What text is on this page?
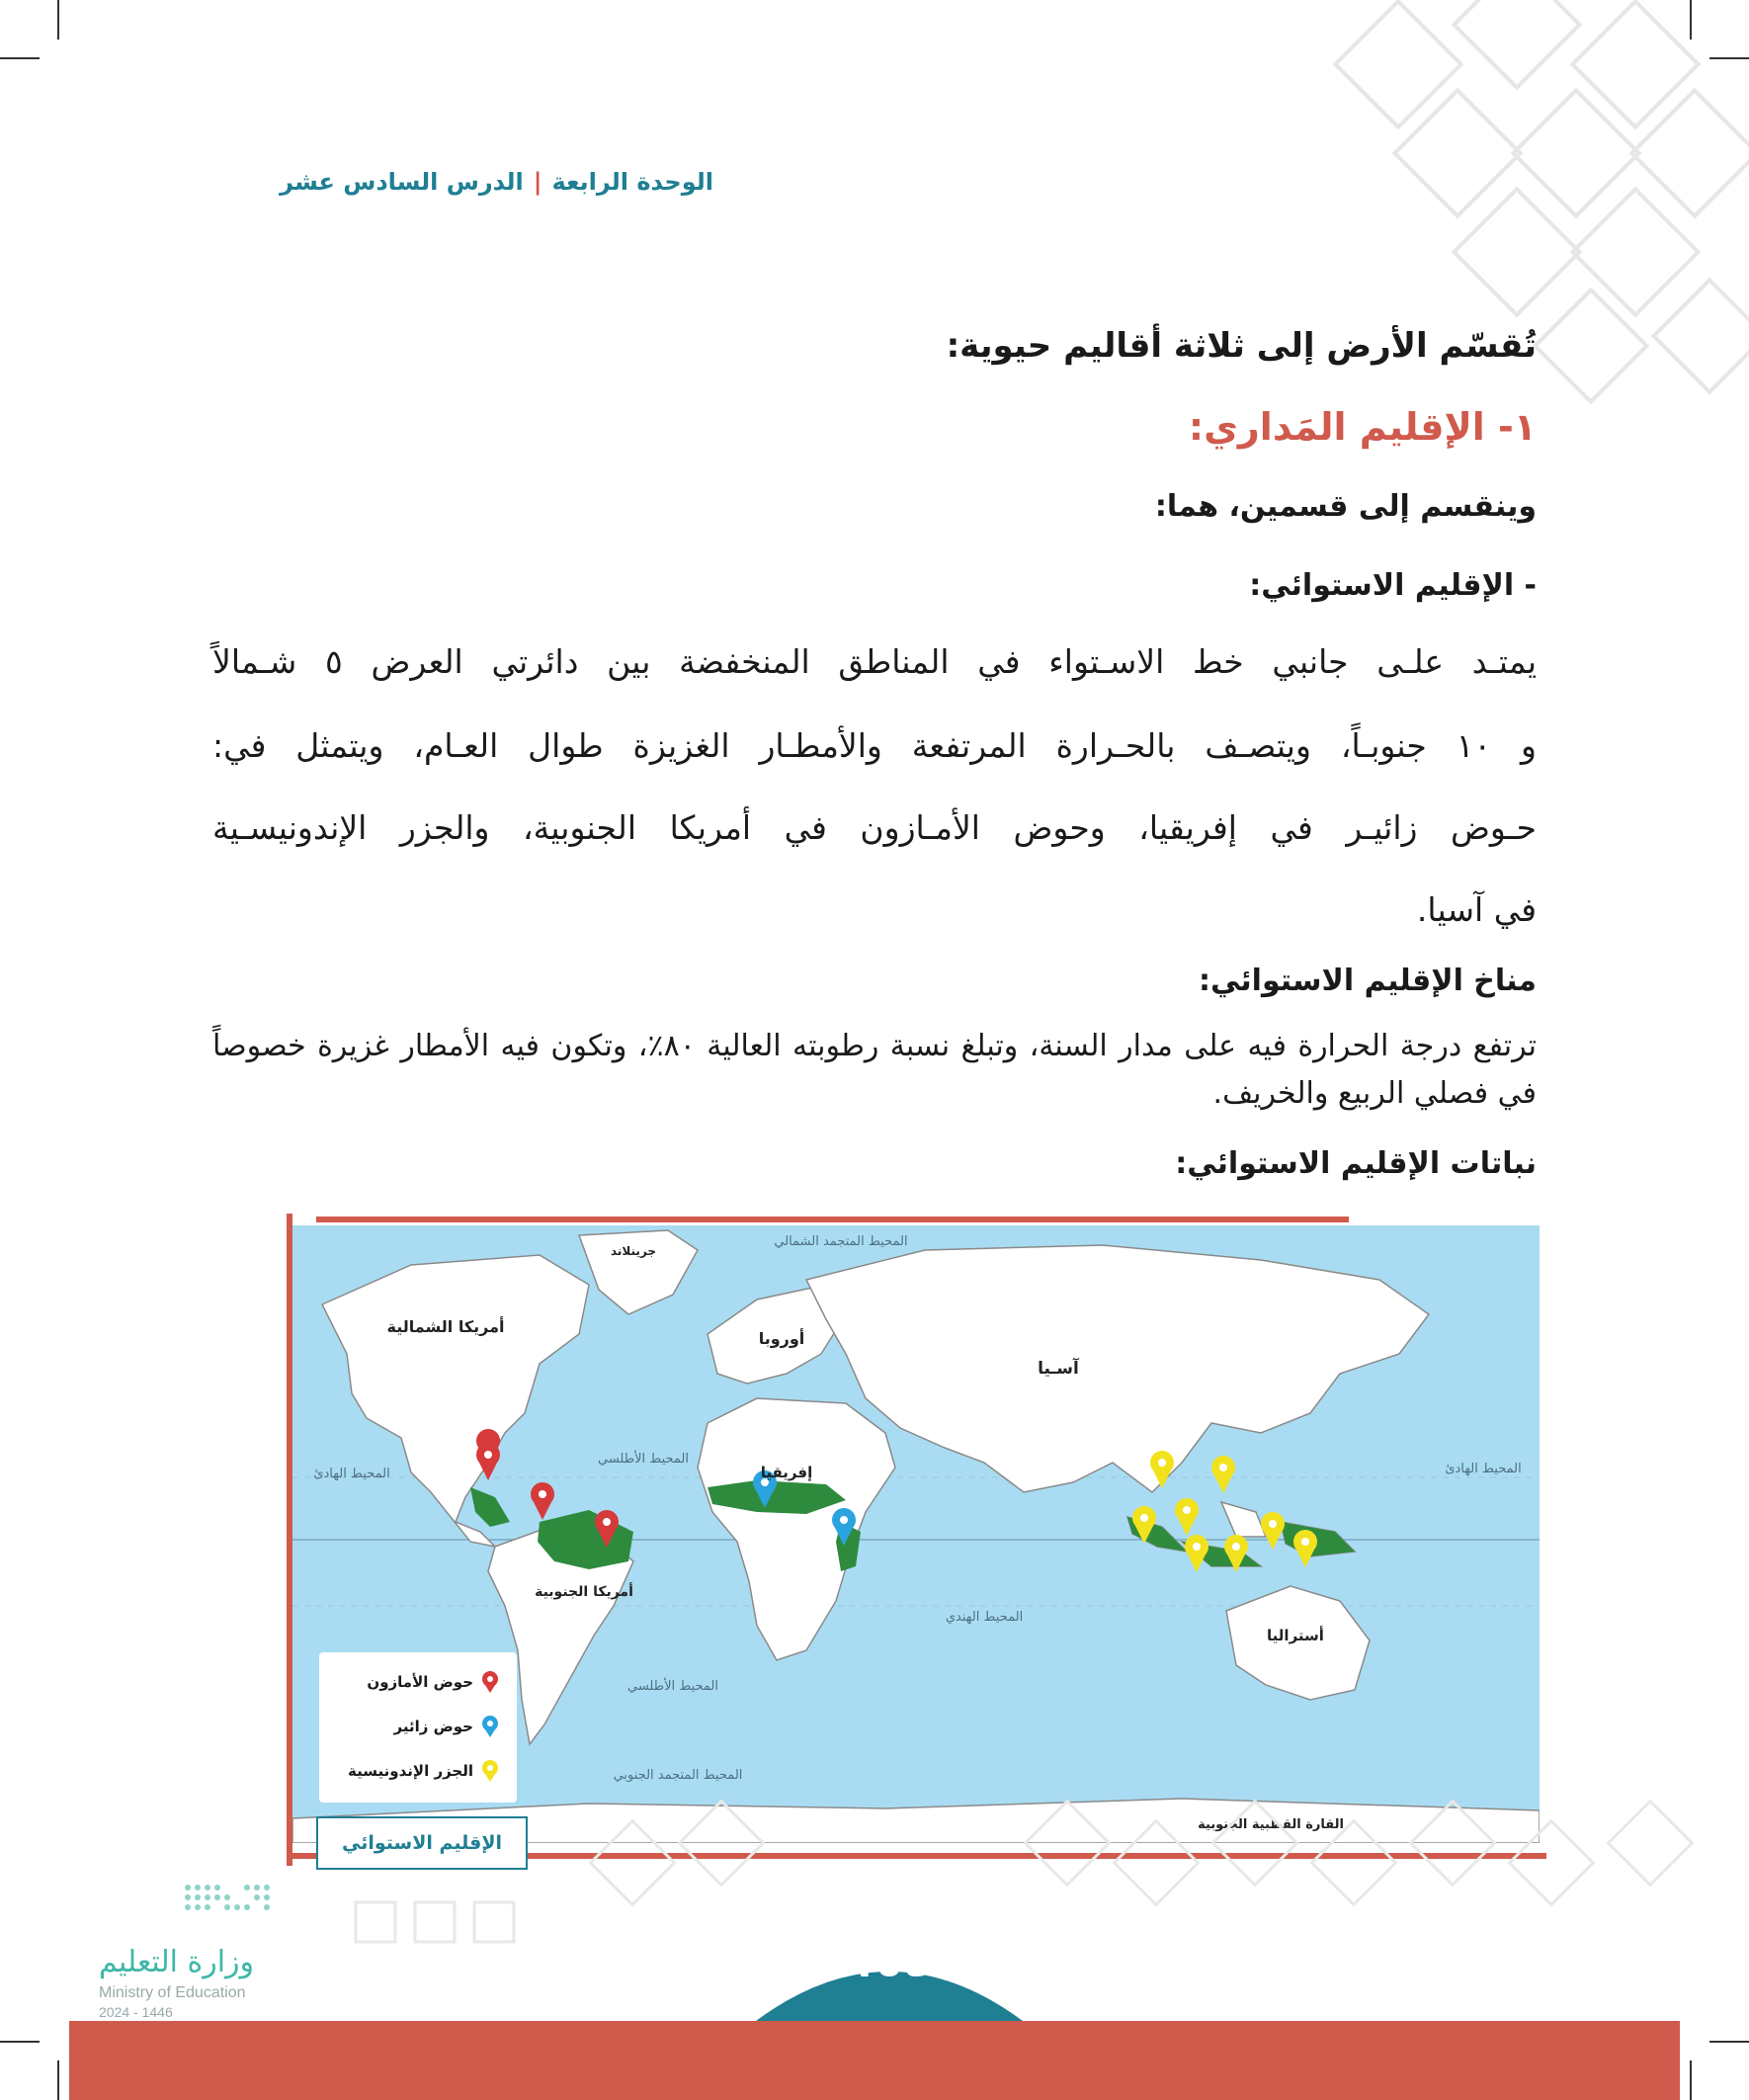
الوحدة الرابعة
|
الدرس السادس عشر
تُقسّم الأرض إلى ثلاثة أقاليم حيوية:
١- الإقليم المَداري:
وينقسم إلى قسمين، هما:
- الإقليم الاستوائي:
يمتـد علـى جانبي خط الاسـتواء في المناطق المنخفضة بين دائرتي العرض ٥ شـمالاً
و ١٠ جنوبـاً، ويتصـف بالحـرارة المرتفعة والأمطـار الغزيزة طوال العـام، ويتمثل في:
حـوض زائيـر في إفريقيا، وحوض الأمـازون في أمريكا الجنوبية، والجزر الإندونيسـية
في آسيا.
مناخ الإقليم الاستوائي:
ترتفع درجة الحرارة فيه على مدار السنة، وتبلغ نسبة رطوبته العالية ٨٠٪، وتكون فيه الأمطار غزيرة خصوصاً في فصلي الربيع والخريف.
نباتات الإقليم الاستوائي:
أمريكا الشمالية
أمريكا الجنوبية
أوروبا
إفريقيا
آسـيا
أستراليا
القارة القطبية الجنوبية
جرينلاند
المحيط المتجمد الشمالي
المحيط الهادئ	المحيط الهادئ
المحيط الأطلسي
المحيط الأطلسي
المحيط الهندي
المحيط المتجمد الجنوبي
حوض الأمازون
حوض زائير
الجزر الإندونيسية
الإقليم الاستوائي
وزارة التعليم
Ministry of Education
2024 - 1446
١٥٤
